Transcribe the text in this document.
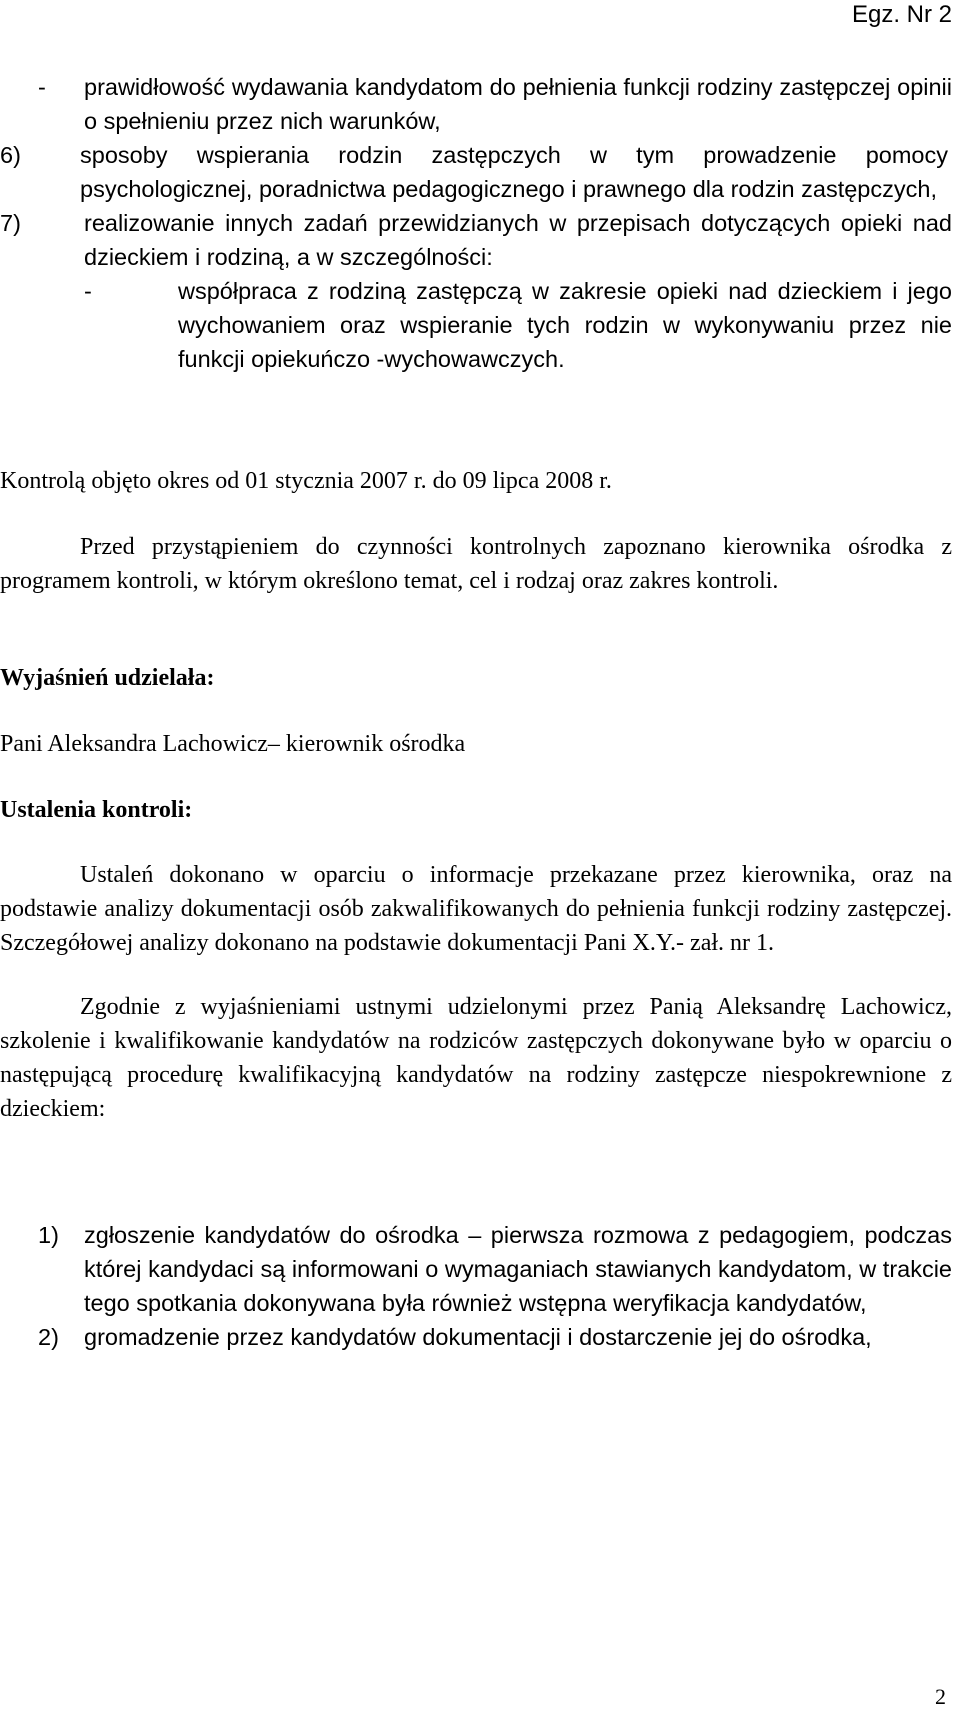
Egz. Nr 2
- prawidłowość wydawania kandydatom do pełnienia funkcji rodziny zastępczej opinii o spełnieniu przez nich warunków,
6)	sposoby wspierania rodzin zastępczych w tym prowadzenie pomocy psychologicznej, poradnictwa pedagogicznego i prawnego dla rodzin zastępczych,
7)	realizowanie innych zadań przewidzianych w przepisach dotyczących opieki nad dzieckiem i rodziną, a w szczególności:
-	współpraca z rodziną zastępczą w zakresie opieki nad dzieckiem i jego wychowaniem oraz wspieranie tych rodzin w wykonywaniu przez nie funkcji opiekuńczo -wychowawczych.

Kontrolą objęto okres od 01 stycznia 2007 r. do 09 lipca 2008 r.

Przed przystąpieniem do czynności kontrolnych zapoznano kierownika ośrodka z programem kontroli, w którym określono temat, cel i rodzaj oraz zakres kontroli.

Wyjaśnień udzielała:

Pani Aleksandra Lachowicz– kierownik ośrodka

Ustalenia kontroli:

Ustaleń dokonano w oparciu o informacje przekazane przez kierownika, oraz na podstawie analizy dokumentacji osób zakwalifikowanych do pełnienia funkcji rodziny zastępczej. Szczegółowej analizy dokonano na podstawie dokumentacji Pani X.Y.- zał. nr 1.

Zgodnie z wyjaśnieniami ustnymi udzielonymi przez Panią Aleksandrę Lachowicz, szkolenie i kwalifikowanie kandydatów na rodziców zastępczych dokonywane było w oparciu o następującą procedurę kwalifikacyjną kandydatów na rodziny zastępcze niespokrewnione z dzieckiem:

1) zgłoszenie kandydatów do ośrodka – pierwsza rozmowa z pedagogiem, podczas której kandydaci są informowani o wymaganiach stawianych kandydatom, w trakcie tego spotkania dokonywana była również wstępna weryfikacja kandydatów,
2) gromadzenie przez kandydatów dokumentacji i dostarczenie jej do ośrodka,
2
